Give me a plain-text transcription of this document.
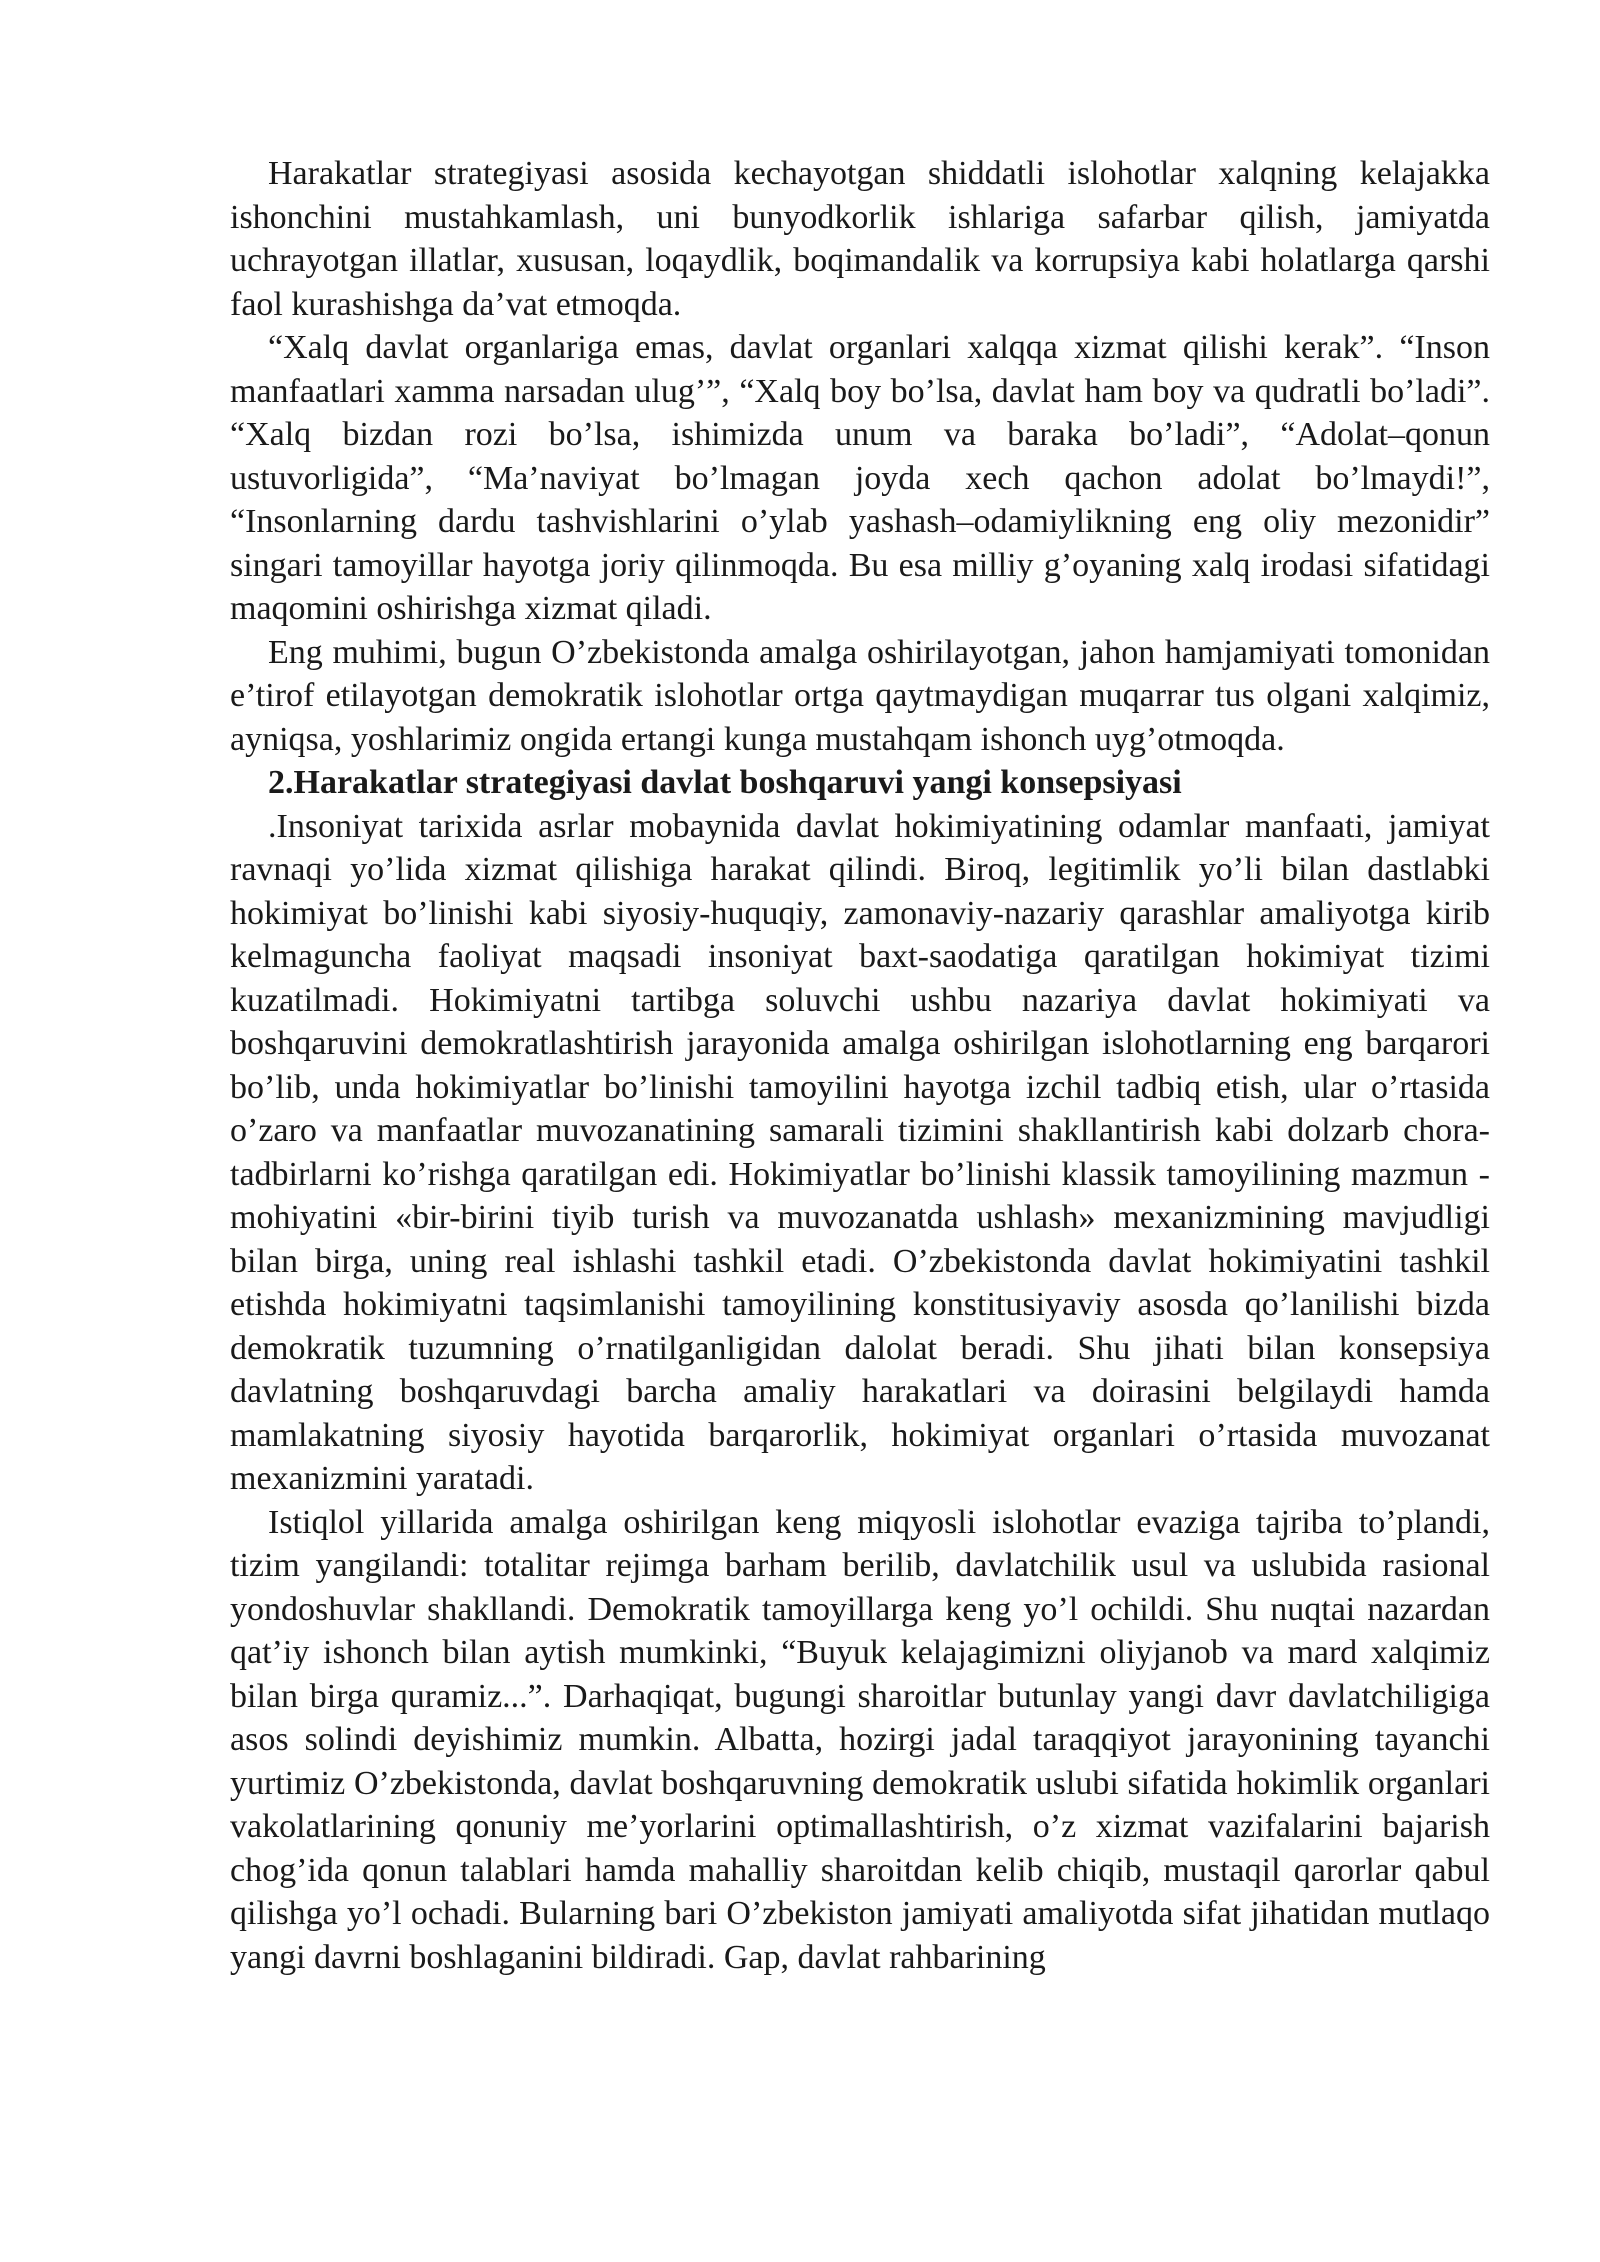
Harakatlar strategiyasi asosida kechayotgan shiddatli islohotlar xalqning kelajakka ishonchini mustahkamlash, uni bunyodkorlik ishlariga safarbar qilish, jamiyatda uchrayotgan illatlar, xususan, loqaydlik, boqimandalik va korrupsiya kabi holatlarga qarshi faol kurashishga da’vat etmoqda.

“Xalq davlat organlariga emas, davlat organlari xalqqa xizmat qilishi kerak”. “Inson manfaatlari xamma narsadan ulug’”, “Xalq boy bo’lsa, davlat ham boy va qudratli bo’ladi”. “Xalq bizdan rozi bo’lsa, ishimizda unum va baraka bo’ladi”, “Adolat–qonun ustuvorligida”, “Ma’naviyat bo’lmagan joyda xech qachon adolat bo’lmaydi!”, “Insonlarning dardu tashvishlarini o’ylab yashash–odamiylikning eng oliy mezonidir” singari tamoyillar hayotga joriy qilinmoqda. Bu esa milliy g’oyaning xalq irodasi sifatidagi maqomini oshirishga xizmat qiladi.

Eng muhimi, bugun O’zbekistonda amalga oshirilayotgan, jahon hamjamiyati tomonidan e’tirof etilayotgan demokratik islohotlar ortga qaytmaydigan muqarrar tus olgani xalqimiz, ayniqsa, yoshlarimiz ongida ertangi kunga mustahqam ishonch uyg’otmoqda.

2.Harakatlar strategiyasi davlat boshqaruvi yangi konsepsiyasi

.Insoniyat tarixida asrlar mobaynida davlat hokimiyatining odamlar manfaati, jamiyat ravnaqi yo’lida xizmat qilishiga harakat qilindi. Biroq, legitimlik yo’li bilan dastlabki hokimiyat bo’linishi kabi siyosiy-huquqiy, zamonaviy-nazariy qarashlar amaliyotga kirib kelmaguncha faoliyat maqsadi insoniyat baxt-saodatiga qaratilgan hokimiyat tizimi kuzatilmadi. Hokimiyatni tartibga soluvchi ushbu nazariya davlat hokimiyati va boshqaruvini demokratlashtirish jarayonida amalga oshirilgan islohotlarning eng barqarori bo’lib, unda hokimiyatlar bo’linishi tamoyilini hayotga izchil tadbiq etish, ular o’rtasida o’zaro va manfaatlar muvozanatining samarali tizimini shakllantirish kabi dolzarb chora-tadbirlarni ko’rishga qaratilgan edi. Hokimiyatlar bo’linishi klassik tamoyilining mazmun - mohiyatini «bir-birini tiyib turish va muvozanatda ushlash» mexanizmining mavjudligi bilan birga, uning real ishlashi tashkil etadi. O’zbekistonda davlat hokimiyatini tashkil etishda hokimiyatni taqsimlanishi tamoyilining konstitusiyaviy asosda qo’lanilishi bizda demokratik tuzumning o’rnatilganligidan dalolat beradi. Shu jihati bilan konsepsiya davlatning boshqaruvdagi barcha amaliy harakatlari va doirasini belgilaydi hamda mamlakatning siyosiy hayotida barqarorlik, hokimiyat organlari o’rtasida muvozanat mexanizmini yaratadi.

Istiqlol yillarida amalga oshirilgan keng miqyosli islohotlar evaziga tajriba to’plandi, tizim yangilandi: totalitar rejimga barham berilib, davlatchilik usul va uslubida rasional yondoshuvlar shakllandi. Demokratik tamoyillarga keng yo’l ochildi. Shu nuqtai nazardan qat’iy ishonch bilan aytish mumkinki, “Buyuk kelajagimizni oliyjanob va mard xalqimiz bilan birga quramiz...”. Darhaqiqat, bugungi sharoitlar butunlay yangi davr davlatchiligiga asos solindi deyishimiz mumkin. Albatta, hozirgi jadal taraqqiyot jarayonining tayanchi yurtimiz O’zbekistonda, davlat boshqaruvning demokratik uslubi sifatida hokimlik organlari vakolatlarining qonuniy me’yorlarini optimallashtirish, o’z xizmat vazifalarini bajarish chog’ida qonun talablari hamda mahalliy sharoitdan kelib chiqib, mustaqil qarorlar qabul qilishga yo’l ochadi. Bularning bari O’zbekiston jamiyati amaliyotda sifat jihatidan mutlaqo yangi davrni boshlaganini bildiradi. Gap, davlat rahbarining
